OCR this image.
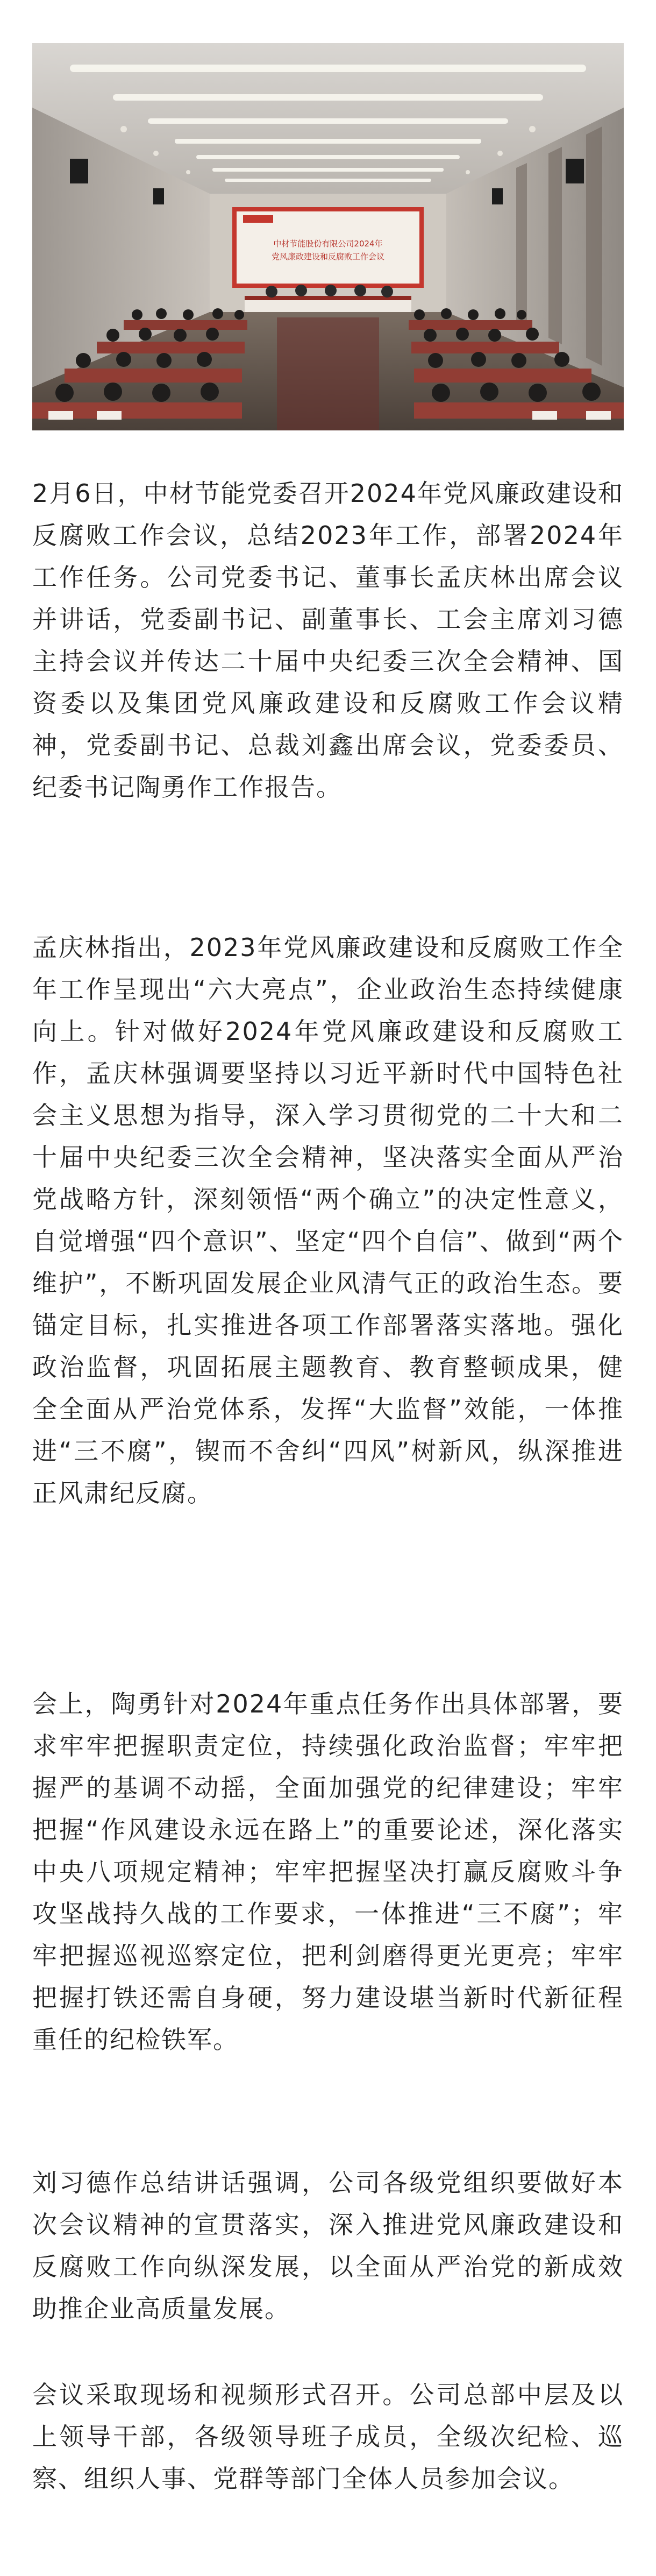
中材节能股份有限公司2024年
党风廉政建设和反腐败工作会议

2月6日，中材节能党委召开2024年党风廉政建设和反腐败工作会议，总结2023年工作，部署2024年工作任务。公司党委书记、董事长孟庆林出席会议并讲话，党委副书记、副董事长、工会主席刘习德主持会议并传达二十届中央纪委三次全会精神、国资委以及集团党风廉政建设和反腐败工作会议精神，党委副书记、总裁刘鑫出席会议，党委委员、纪委书记陶勇作工作报告。

孟庆林指出，2023年党风廉政建设和反腐败工作全年工作呈现出“六大亮点”，企业政治生态持续健康向上。针对做好2024年党风廉政建设和反腐败工作，孟庆林强调要坚持以习近平新时代中国特色社会主义思想为指导，深入学习贯彻党的二十大和二十届中央纪委三次全会精神，坚决落实全面从严治党战略方针，深刻领悟“两个确立”的决定性意义，自觉增强“四个意识”、坚定“四个自信”、做到“两个维护”，不断巩固发展企业风清气正的政治生态。要锚定目标，扎实推进各项工作部署落实落地。强化政治监督，巩固拓展主题教育、教育整顿成果，健全全面从严治党体系，发挥“大监督”效能，一体推进“三不腐”，锲而不舍纠“四风”树新风，纵深推进正风肃纪反腐。

会上，陶勇针对2024年重点任务作出具体部署，要求牢牢把握职责定位，持续强化政治监督；牢牢把握严的基调不动摇，全面加强党的纪律建设；牢牢把握“作风建设永远在路上”的重要论述，深化落实中央八项规定精神；牢牢把握坚决打赢反腐败斗争攻坚战持久战的工作要求，一体推进“三不腐”；牢牢把握巡视巡察定位，把利剑磨得更光更亮；牢牢把握打铁还需自身硬，努力建设堪当新时代新征程重任的纪检铁军。

刘习德作总结讲话强调，公司各级党组织要做好本次会议精神的宣贯落实，深入推进党风廉政建设和反腐败工作向纵深发展，以全面从严治党的新成效助推企业高质量发展。

会议采取现场和视频形式召开。公司总部中层及以上领导干部，各级领导班子成员，全级次纪检、巡察、组织人事、党群等部门全体人员参加会议。
